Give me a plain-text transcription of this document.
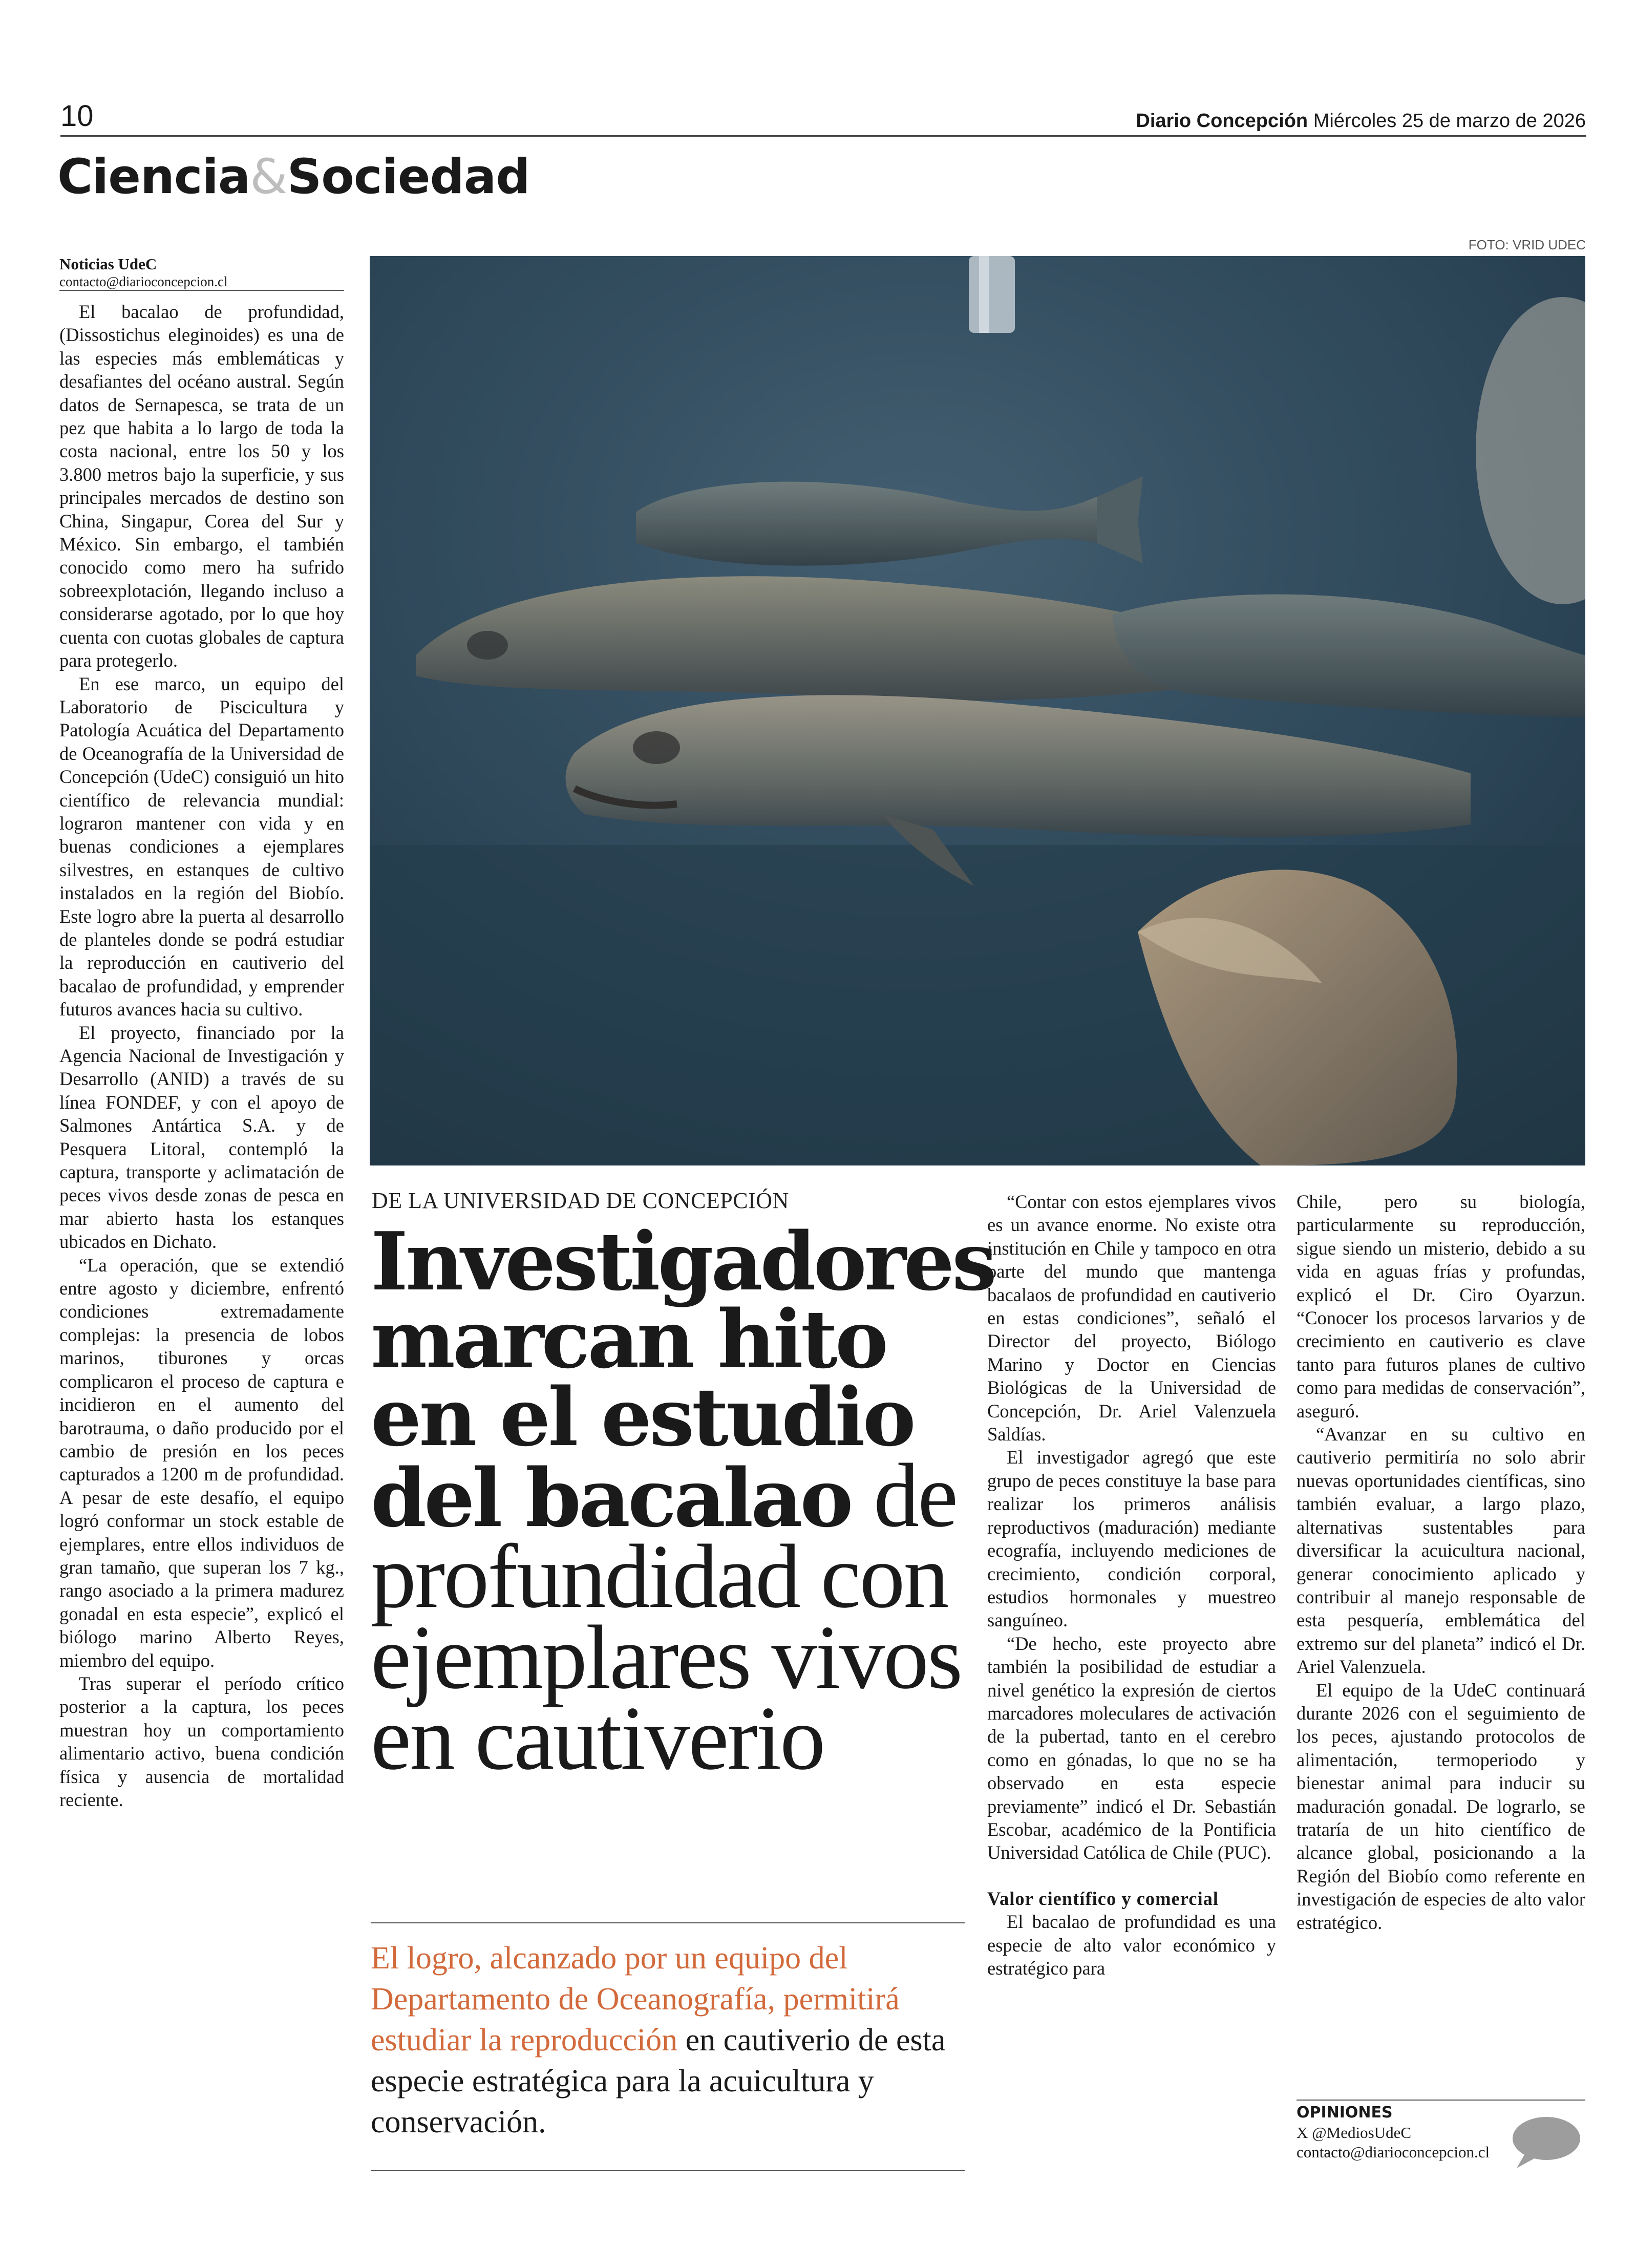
10	Diario Concepción Miércoles 25 de marzo de 2026
Ciencia&Sociedad
FOTO: VRID UDEC
Noticias UdeC
contacto@diarioconcepcion.cl

El bacalao de profundidad, (Dissostichus eleginoides) es una de las especies más emblemáticas y desafiantes del océano austral. Según datos de Sernapesca, se trata de un pez que habita a lo largo de toda la costa nacional, entre los 50 y los 3.800 metros bajo la superficie, y sus principales mercados de destino son China, Singapur, Corea del Sur y México. Sin embargo, el también conocido como mero ha sufrido sobreexplotación, llegando incluso a considerarse agotado, por lo que hoy cuenta con cuotas globales de captura para protegerlo.

En ese marco, un equipo del Laboratorio de Piscicultura y Patología Acuática del Departamento de Oceanografía de la Universidad de Concepción (UdeC) consiguió un hito científico de relevancia mundial: lograron mantener con vida y en buenas condiciones a ejemplares silvestres, en estanques de cultivo instalados en la región del Biobío. Este logro abre la puerta al desarrollo de planteles donde se podrá estudiar la reproducción en cautiverio del bacalao de profundidad, y emprender futuros avances hacia su cultivo.

El proyecto, financiado por la Agencia Nacional de Investigación y Desarrollo (ANID) a través de su línea FONDEF, y con el apoyo de Salmones Antártica S.A. y de Pesquera Litoral, contempló la captura, transporte y aclimatación de peces vivos desde zonas de pesca en mar abierto hasta los estanques ubicados en Dichato.

“La operación, que se extendió entre agosto y diciembre, enfrentó condiciones extremadamente complejas: la presencia de lobos marinos, tiburones y orcas complicaron el proceso de captura e incidieron en el aumento del barotrauma, o daño producido por el cambio de presión en los peces capturados a 1200 m de profundidad. A pesar de este desafío, el equipo logró conformar un stock estable de ejemplares, entre ellos individuos de gran tamaño, que superan los 7 kg., rango asociado a la primera madurez gonadal en esta especie”, explicó el biólogo marino Alberto Reyes, miembro del equipo.

Tras superar el período crítico posterior a la captura, los peces muestran hoy un comportamiento alimentario activo, buena condición física y ausencia de mortalidad reciente.

DE LA UNIVERSIDAD DE CONCEPCIÓN
Investigadores
marcan hito
en el estudio
del bacalao de
profundidad con
ejemplares vivos
en cautiverio
El logro, alcanzado por un equipo del Departamento de Oceanografía, permitirá estudiar la reproducción en cautiverio de esta especie estratégica para la acuicultura y conservación.

“Contar con estos ejemplares vivos es un avance enorme. No existe otra institución en Chile y tampoco en otra parte del mundo que mantenga bacalaos de profundidad en cautiverio en estas condiciones”, señaló el Director del proyecto, Biólogo Marino y Doctor en Ciencias Biológicas de la Universidad de Concepción, Dr. Ariel Valenzuela Saldías.

El investigador agregó que este grupo de peces constituye la base para realizar los primeros análisis reproductivos (maduración) mediante ecografía, incluyendo mediciones de crecimiento, condición corporal, estudios hormonales y muestreo sanguíneo.

“De hecho, este proyecto abre también la posibilidad de estudiar a nivel genético la expresión de ciertos marcadores moleculares de activación de la pubertad, tanto en el cerebro como en gónadas, lo que no se ha observado en esta especie previamente” indicó el Dr. Sebastián Escobar, académico de la Pontificia Universidad Católica de Chile (PUC).

Valor científico y comercial

El bacalao de profundidad es una especie de alto valor económico y estratégico para

Chile, pero su biología, particularmente su reproducción, sigue siendo un misterio, debido a su vida en aguas frías y profundas, explicó el Dr. Ciro Oyarzun. “Conocer los procesos larvarios y de crecimiento en cautiverio es clave tanto para futuros planes de cultivo como para medidas de conservación”, aseguró.

“Avanzar en su cultivo en cautiverio permitiría no solo abrir nuevas oportunidades científicas, sino también evaluar, a largo plazo, alternativas sustentables para diversificar la acuicultura nacional, generar conocimiento aplicado y contribuir al manejo responsable de esta pesquería, emblemática del extremo sur del planeta” indicó el Dr. Ariel Valenzuela.

El equipo de la UdeC continuará durante 2026 con el seguimiento de los peces, ajustando protocolos de alimentación, termoperiodo y bienestar animal para inducir su maduración gonadal. De lograrlo, se trataría de un hito científico de alcance global, posicionando a la Región del Biobío como referente en investigación de especies de alto valor estratégico.

OPINIONES
X @MediosUdeC
contacto@diarioconcepcion.cl
